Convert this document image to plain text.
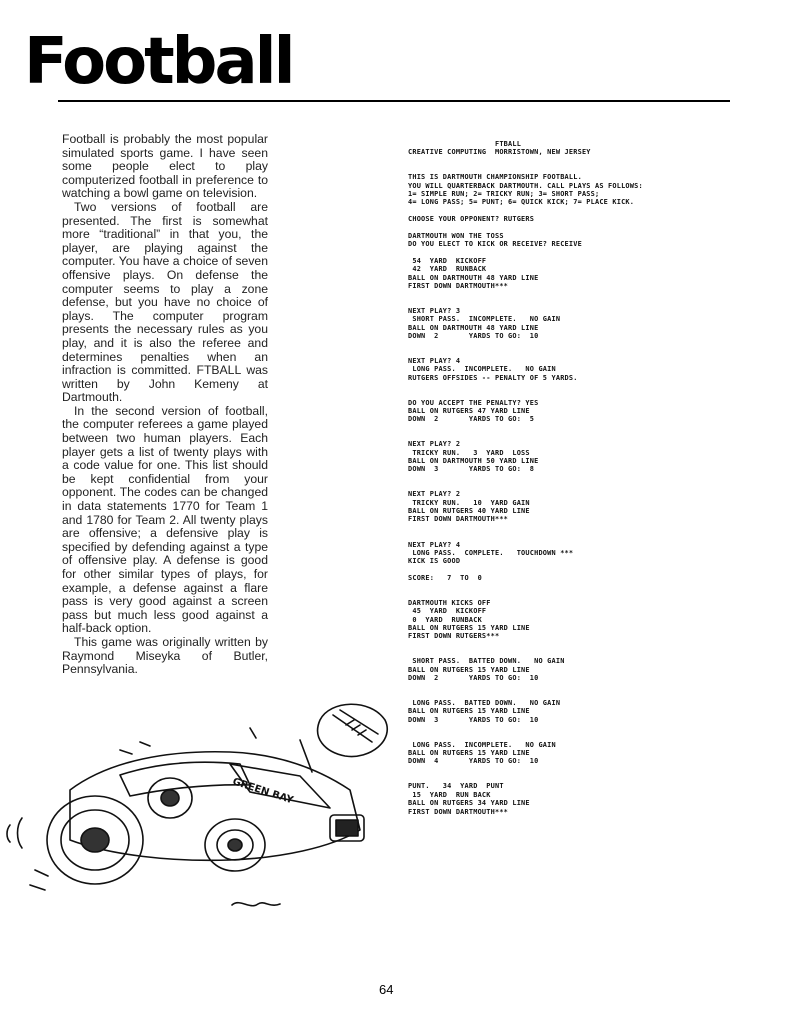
Football

Football is probably the most popular simulated sports game. I have seen some people elect to play computerized football in preference to watching a bowl game on television.

Two versions of football are presented. The first is somewhat more “traditional” in that you, the player, are playing against the computer. You have a choice of seven offensive plays. On defense the computer seems to play a zone defense, but you have no choice of plays. The computer program presents the necessary rules as you play, and it is also the referee and determines penalties when an infraction is committed. FTBALL was written by John Kemeny at Dartmouth.

In the second version of football, the computer referees a game played between two human players. Each player gets a list of twenty plays with a code value for one. This list should be kept confidential from your opponent. The codes can be changed in data statements 1770 for Team 1 and 1780 for Team 2. All twenty plays are offensive; a defensive play is specified by defending against a type of offensive play. A defense is good for other similar types of plays, for example, a defense against a flare pass is very good against a screen pass but much less good against a half-back option.

This game was originally written by Raymond Miseyka of Butler, Pennsylvania.

FTBALL
CREATIVE COMPUTING  MORRISTOWN, NEW JERSEY
THIS IS DARTMOUTH CHAMPIONSHIP FOOTBALL.
YOU WILL QUARTERBACK DARTMOUTH. CALL PLAYS AS FOLLOWS:
1= SIMPLE RUN; 2= TRICKY RUN; 3= SHORT PASS;
4= LONG PASS; 5= PUNT; 6= QUICK KICK; 7= PLACE KICK.
CHOOSE YOUR OPPONENT? RUTGERS
DARTMOUTH WON THE TOSS
DO YOU ELECT TO KICK OR RECEIVE? RECEIVE
54  YARD  KICKOFF
42  YARD  RUNBACK
BALL ON DARTMOUTH 48 YARD LINE
FIRST DOWN DARTMOUTH***
NEXT PLAY? 3
SHORT PASS.  INCOMPLETE.   NO GAIN
BALL ON DARTMOUTH 48 YARD LINE
DOWN  2       YARDS TO GO:  10
NEXT PLAY? 4
LONG PASS.  INCOMPLETE.   NO GAIN
RUTGERS OFFSIDES -- PENALTY OF 5 YARDS.
DO YOU ACCEPT THE PENALTY? YES
BALL ON RUTGERS 47 YARD LINE
DOWN  2       YARDS TO GO:  5
NEXT PLAY? 2
TRICKY RUN.   3  YARD  LOSS
BALL ON DARTMOUTH 50 YARD LINE
DOWN  3       YARDS TO GO:  8
NEXT PLAY? 2
TRICKY RUN.   10  YARD GAIN
BALL ON RUTGERS 40 YARD LINE
FIRST DOWN DARTMOUTH***
NEXT PLAY? 4
LONG PASS.  COMPLETE.   TOUCHDOWN ***
KICK IS GOOD
SCORE:   7  TO  0
DARTMOUTH KICKS OFF
45  YARD  KICKOFF
0  YARD  RUNBACK
BALL ON RUTGERS 15 YARD LINE
FIRST DOWN RUTGERS***
SHORT PASS.  BATTED DOWN.   NO GAIN
BALL ON RUTGERS 15 YARD LINE
DOWN  2       YARDS TO GO:  10
LONG PASS.  BATTED DOWN.   NO GAIN
BALL ON RUTGERS 15 YARD LINE
DOWN  3       YARDS TO GO:  10
LONG PASS.  INCOMPLETE.   NO GAIN
BALL ON RUTGERS 15 YARD LINE
DOWN  4       YARDS TO GO:  10
PUNT.   34  YARD  PUNT
15  YARD  RUN BACK
BALL ON RUTGERS 34 YARD LINE
FIRST DOWN DARTMOUTH***
GREEN BAY
64
